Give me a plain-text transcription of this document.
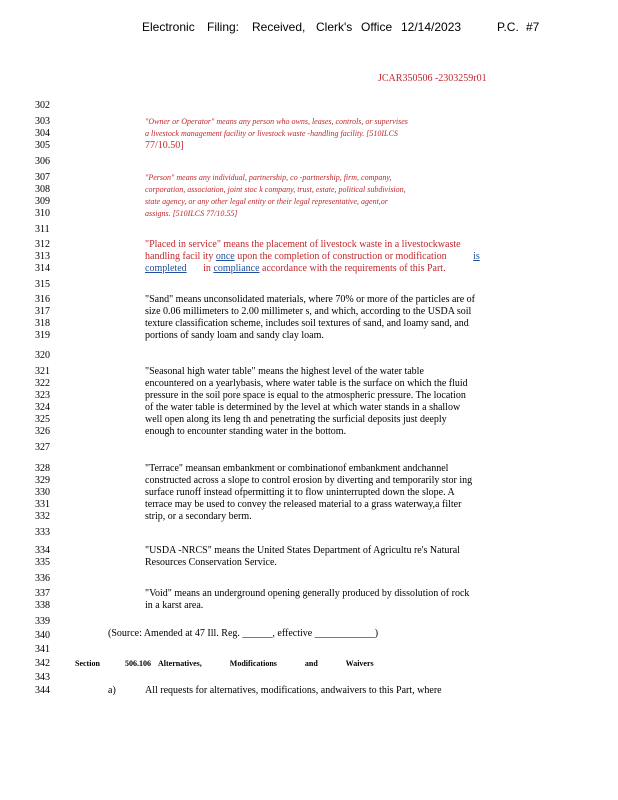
Electronic Filing: Received, Clerk's Office 12/14/2023	P.C. #7
JCAR350506 -2303259r01
302
303
304
305
306
307
308
309
310
311
312
313
314
315
316
317
318
319
320
321
322
323
324
325
326
327
328
329
330
331
332
333
334
335
336
337
338
339
340
341
342
343
344
"Owner or Operator" means any person who owns, leases, controls, or supervises
a livestock management facility or livestock waste -handling facility. [510ILCS
77/10.50]
"Person" means any individual, partnership, co -partnership, firm, company,
corporation, association, joint stoc k company, trust, estate, political subdivision,
state agency, or any other legal entity or their legal representative, agent,or
assigns. [510ILCS 77/10.55]
"Placed in service" means the placement of livestock waste in a livestockwaste
handling facil ity once upon the completion of construction or modification	is
completed in compliance accordance with the requirements of this Part.
"Sand" means unconsolidated materials, where 70% or more of the particles are of
size 0.06 millimeters to 2.00 millimeter s, and which, according to the USDA soil
texture classification scheme, includes soil textures of sand, and loamy sand, and
portions of sandy loam and sandy clay loam.
"Seasonal high water table" means the highest level of the water table
encountered on a yearlybasis, where water table is the surface on which the fluid
pressure in the soil pore space is equal to the atmospheric pressure. The location
of the water table is determined by the level at which water stands in a shallow
well open along its leng th and penetrating the surficial deposits just deeply
enough to encounter standing water in the bottom.
"Terrace" meansan embankment or combinationof embankment andchannel
constructed across a slope to control erosion by diverting and temporarily stor ing
surface runoff instead ofpermitting it to flow uninterrupted down the slope. A
terrace may be used to convey the released material to a grass waterway,a filter
strip, or a secondary berm.
"USDA -NRCS" means the United States Department of Agricultu re's Natural
Resources Conservation Service.
"Void" means an underground opening generally produced by dissolution of rock
in a karst area.
(Source: Amended at 47 Ill. Reg. ______, effective ____________)
Section	506.106 Alternatives, Modifications and Waivers
a)	All requests for alternatives, modifications, andwaivers to this Part, where
